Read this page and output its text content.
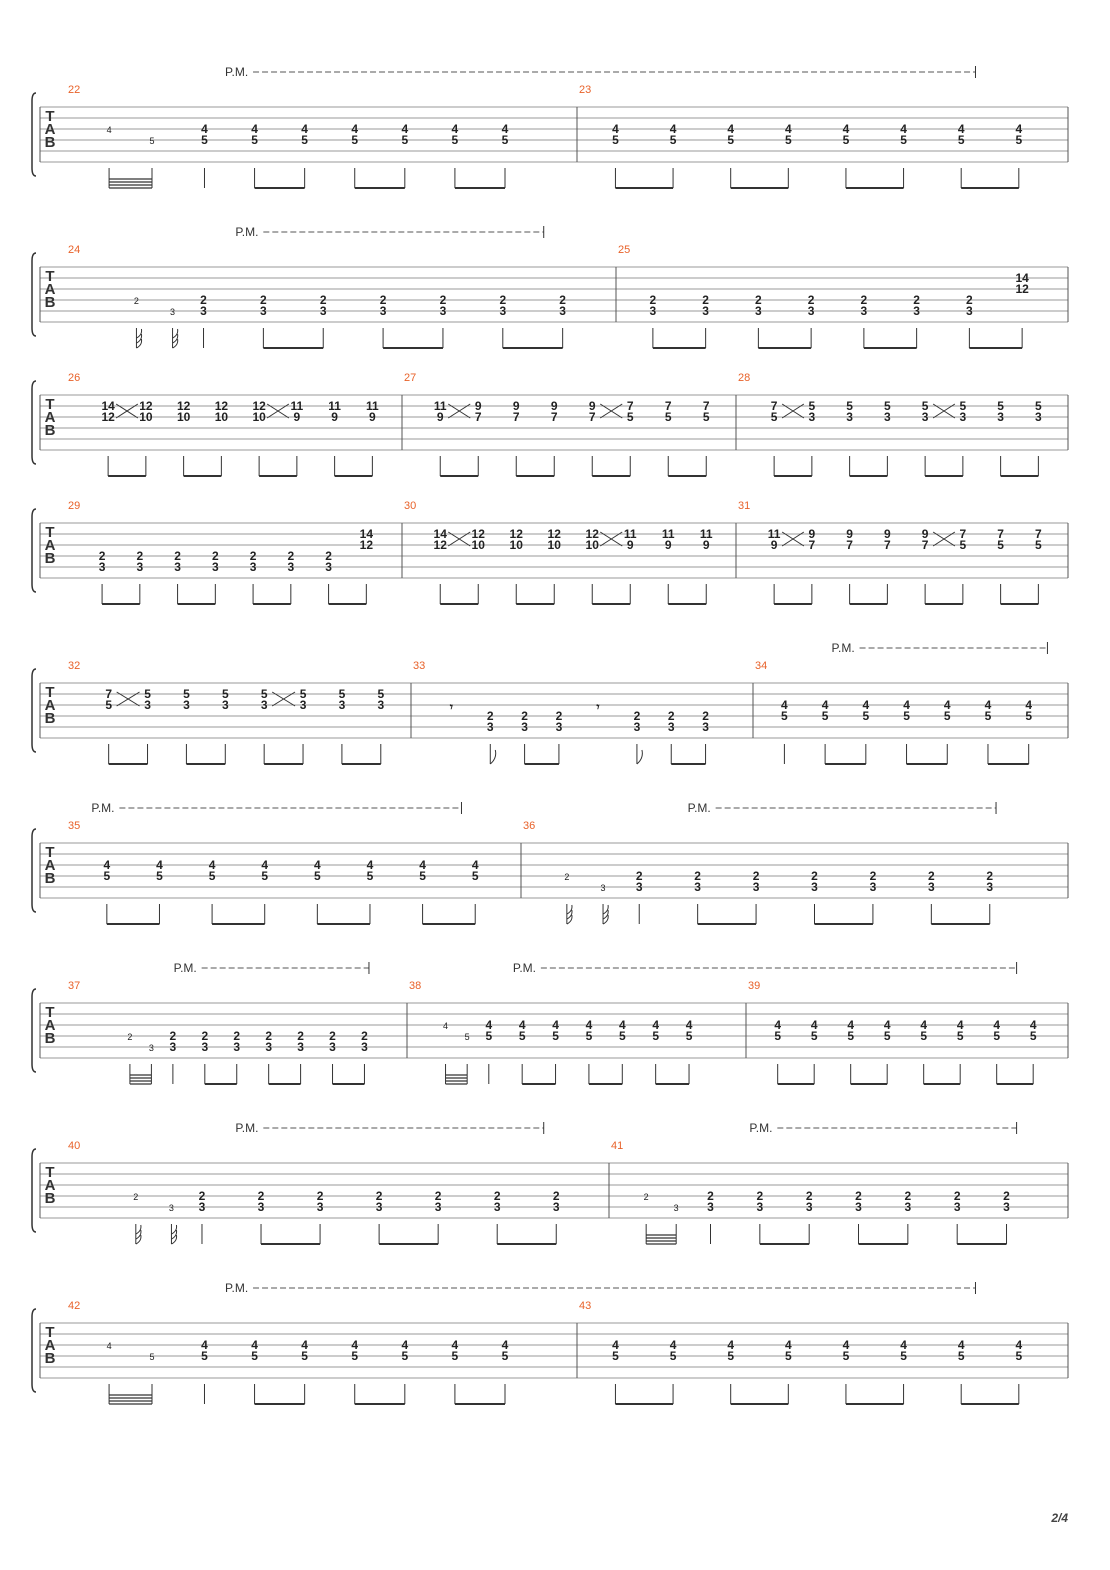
T
A
B
P.M.
22
4
5
4
5
4
5
4
5
4
5
4
5
4
5
4
5
23
4
5
4
5
4
5
4
5
4
5
4
5
4
5
4
5
T
A
B
P.M.
24
2
3
2
3
2
3
2
3
2
3
2
3
2
3
2
3
25
2
3
2
3
2
3
2
3
2
3
2
3
2
3
14
12
T
A
B
26
14
12
12
10
12
10
12
10
12
10
11
9
11
9
11
9
27
11
9
9
7
9
7
9
7
9
7
7
5
7
5
7
5
28
7
5
5
3
5
3
5
3
5
3
5
3
5
3
5
3
T
A
B
29
2
3
2
3
2
3
2
3
2
3
2
3
2
3
14
12
30
14
12
12
10
12
10
12
10
12
10
11
9
11
9
11
9
31
11
9
9
7
9
7
9
7
9
7
7
5
7
5
7
5
T
A
B
P.M.
32
7
5
5
3
5
3
5
3
5
3
5
3
5
3
5
3
33
𝄾
2
3
2
3
2
3
𝄾
2
3
2
3
2
3
34
4
5
4
5
4
5
4
5
4
5
4
5
4
5
T
A
B
P.M.	P.M.
35
4
5
4
5
4
5
4
5
4
5
4
5
4
5
4
5
36
2
3
2
3
2
3
2
3
2
3
2
3
2
3
2
3
T
A
B
P.M.	P.M.
37
2
3
2
3
2
3
2
3
2
3
2
3
2
3
2
3
38
4
5
4
5
4
5
4
5
4
5
4
5
4
5
4
5
39
4
5
4
5
4
5
4
5
4
5
4
5
4
5
4
5
T
A
B
P.M.	P.M.
40
2
3
2
3
2
3
2
3
2
3
2
3
2
3
2
3
41
2
3
2
3
2
3
2
3
2
3
2
3
2
3
2
3
T
A
B
P.M.
42
4
5
4
5
4
5
4
5
4
5
4
5
4
5
4
5
43
4
5
4
5
4
5
4
5
4
5
4
5
4
5
4
5
2/4
